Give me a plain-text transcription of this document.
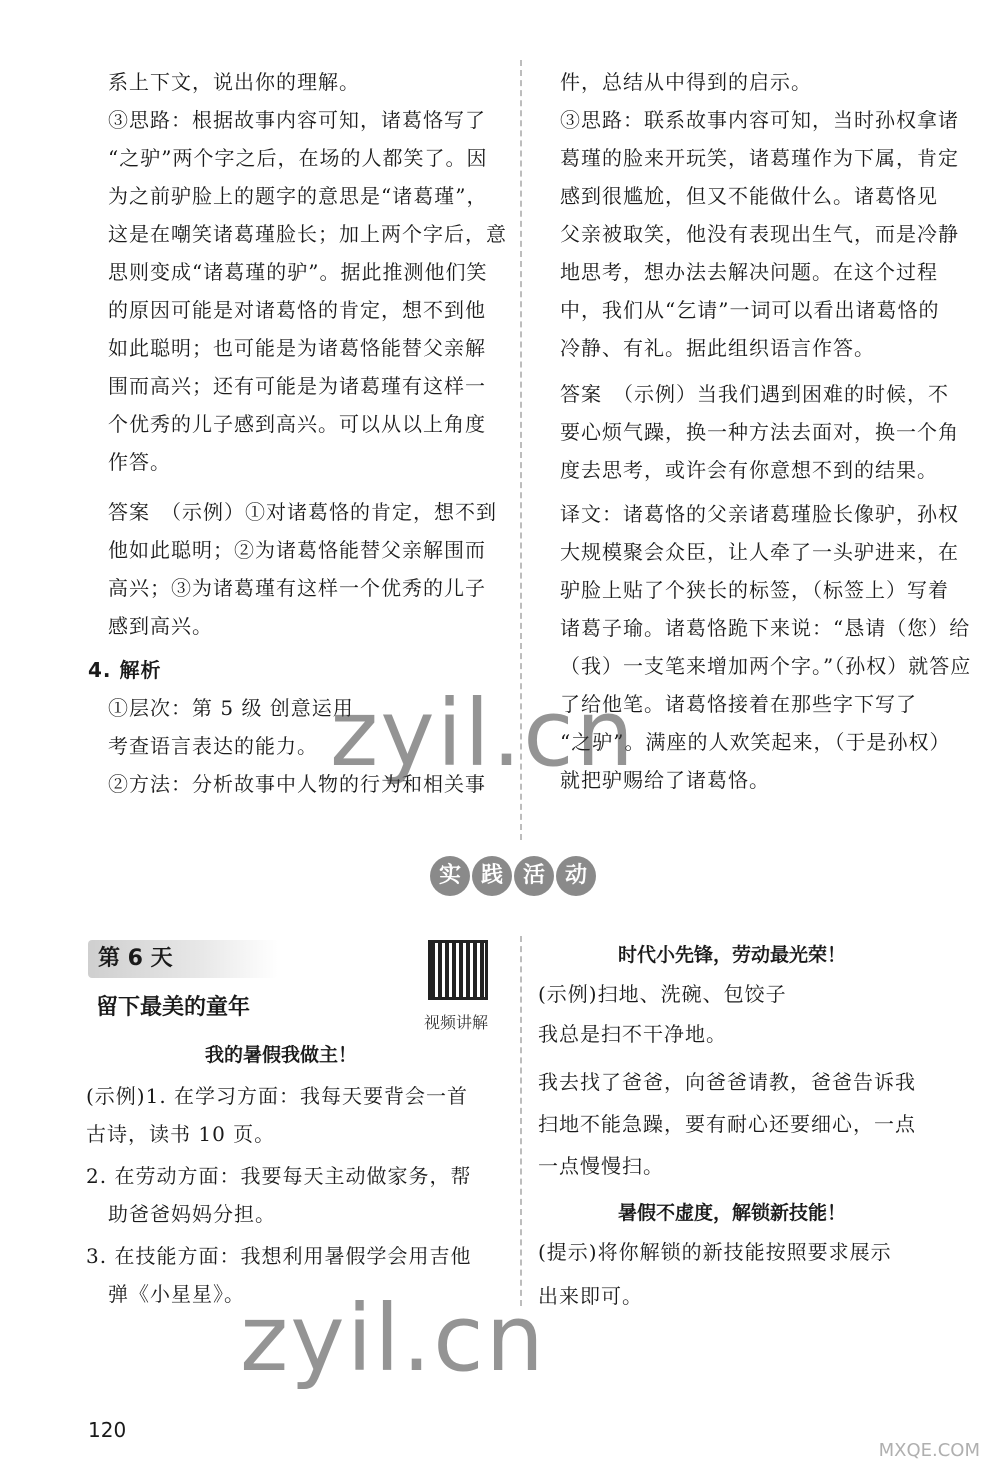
系上下文，说出你的理解。
③思路：根据故事内容可知，诸葛恪写了
“之驴”两个字之后，在场的人都笑了。因
为之前驴脸上的题字的意思是“诸葛瑾”，
这是在嘲笑诸葛瑾脸长；加上两个字后，意
思则变成“诸葛瑾的驴”。据此推测他们笑
的原因可能是对诸葛恪的肯定，想不到他
如此聪明；也可能是为诸葛恪能替父亲解
围而高兴；还有可能是为诸葛瑾有这样一
个优秀的儿子感到高兴。可以从以上角度
作答。
答案　（示例）①对诸葛恪的肯定，想不到
他如此聪明；②为诸葛恪能替父亲解围而
高兴；③为诸葛瑾有这样一个优秀的儿子
感到高兴。
4. 解析
①层次：第 5 级 创意运用
考查语言表达的能力。
②方法：分析故事中人物的行为和相关事
件，总结从中得到的启示。
③思路：联系故事内容可知，当时孙权拿诸
葛瑾的脸来开玩笑，诸葛瑾作为下属，肯定
感到很尴尬，但又不能做什么。诸葛恪见
父亲被取笑，他没有表现出生气，而是冷静
地思考，想办法去解决问题。在这个过程
中，我们从“乞请”一词可以看出诸葛恪的
冷静、有礼。据此组织语言作答。
答案　（示例）当我们遇到困难的时候，不
要心烦气躁，换一种方法去面对，换一个角
度去思考，或许会有你意想不到的结果。
译文：诸葛恪的父亲诸葛瑾脸长像驴，孙权
大规模聚会众臣，让人牵了一头驴进来，在
驴脸上贴了个狭长的标签，（标签上）写着
诸葛子瑜。诸葛恪跪下来说：“恳请（您）给
（我）一支笔来增加两个字。”（孙权）就答应
了给他笔。诸葛恪接着在那些字下写了
“之驴”。满座的人欢笑起来，（于是孙权）
就把驴赐给了诸葛恪。
实 践 活 动
第 6 天
留下最美的童年
视频讲解
我的暑假我做主！
(示例)1. 在学习方面：我每天要背会一首
古诗，读书 10 页。
2. 在劳动方面：我要每天主动做家务，帮
助爸爸妈妈分担。
3. 在技能方面：我想利用暑假学会用吉他
弹《小星星》。
时代小先锋，劳动最光荣！
(示例)扫地、洗碗、包饺子
我总是扫不干净地。
我去找了爸爸，向爸爸请教，爸爸告诉我
扫地不能急躁，要有耐心还要细心，一点
一点慢慢扫。
暑假不虚度，解锁新技能！
(提示)将你解锁的新技能按照要求展示
出来即可。
120
zyil.cn
zyil.cn
MXQE.COM
